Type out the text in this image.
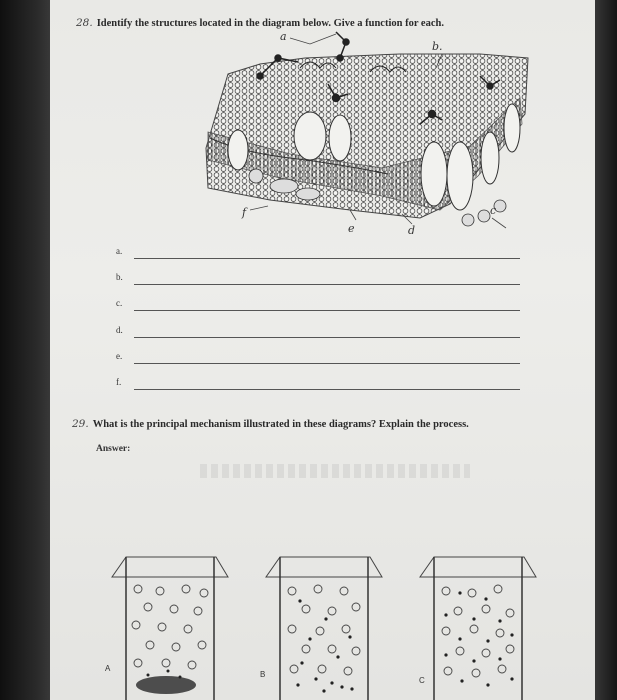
28. Identify the structures located in the diagram below. Give a function for each.
a
b.
c
d
e
f
a.
b.
c.
d.
e.
f.
29. What is the principal mechanism illustrated in these diagrams? Explain the process.
Answer:
A
B
C
